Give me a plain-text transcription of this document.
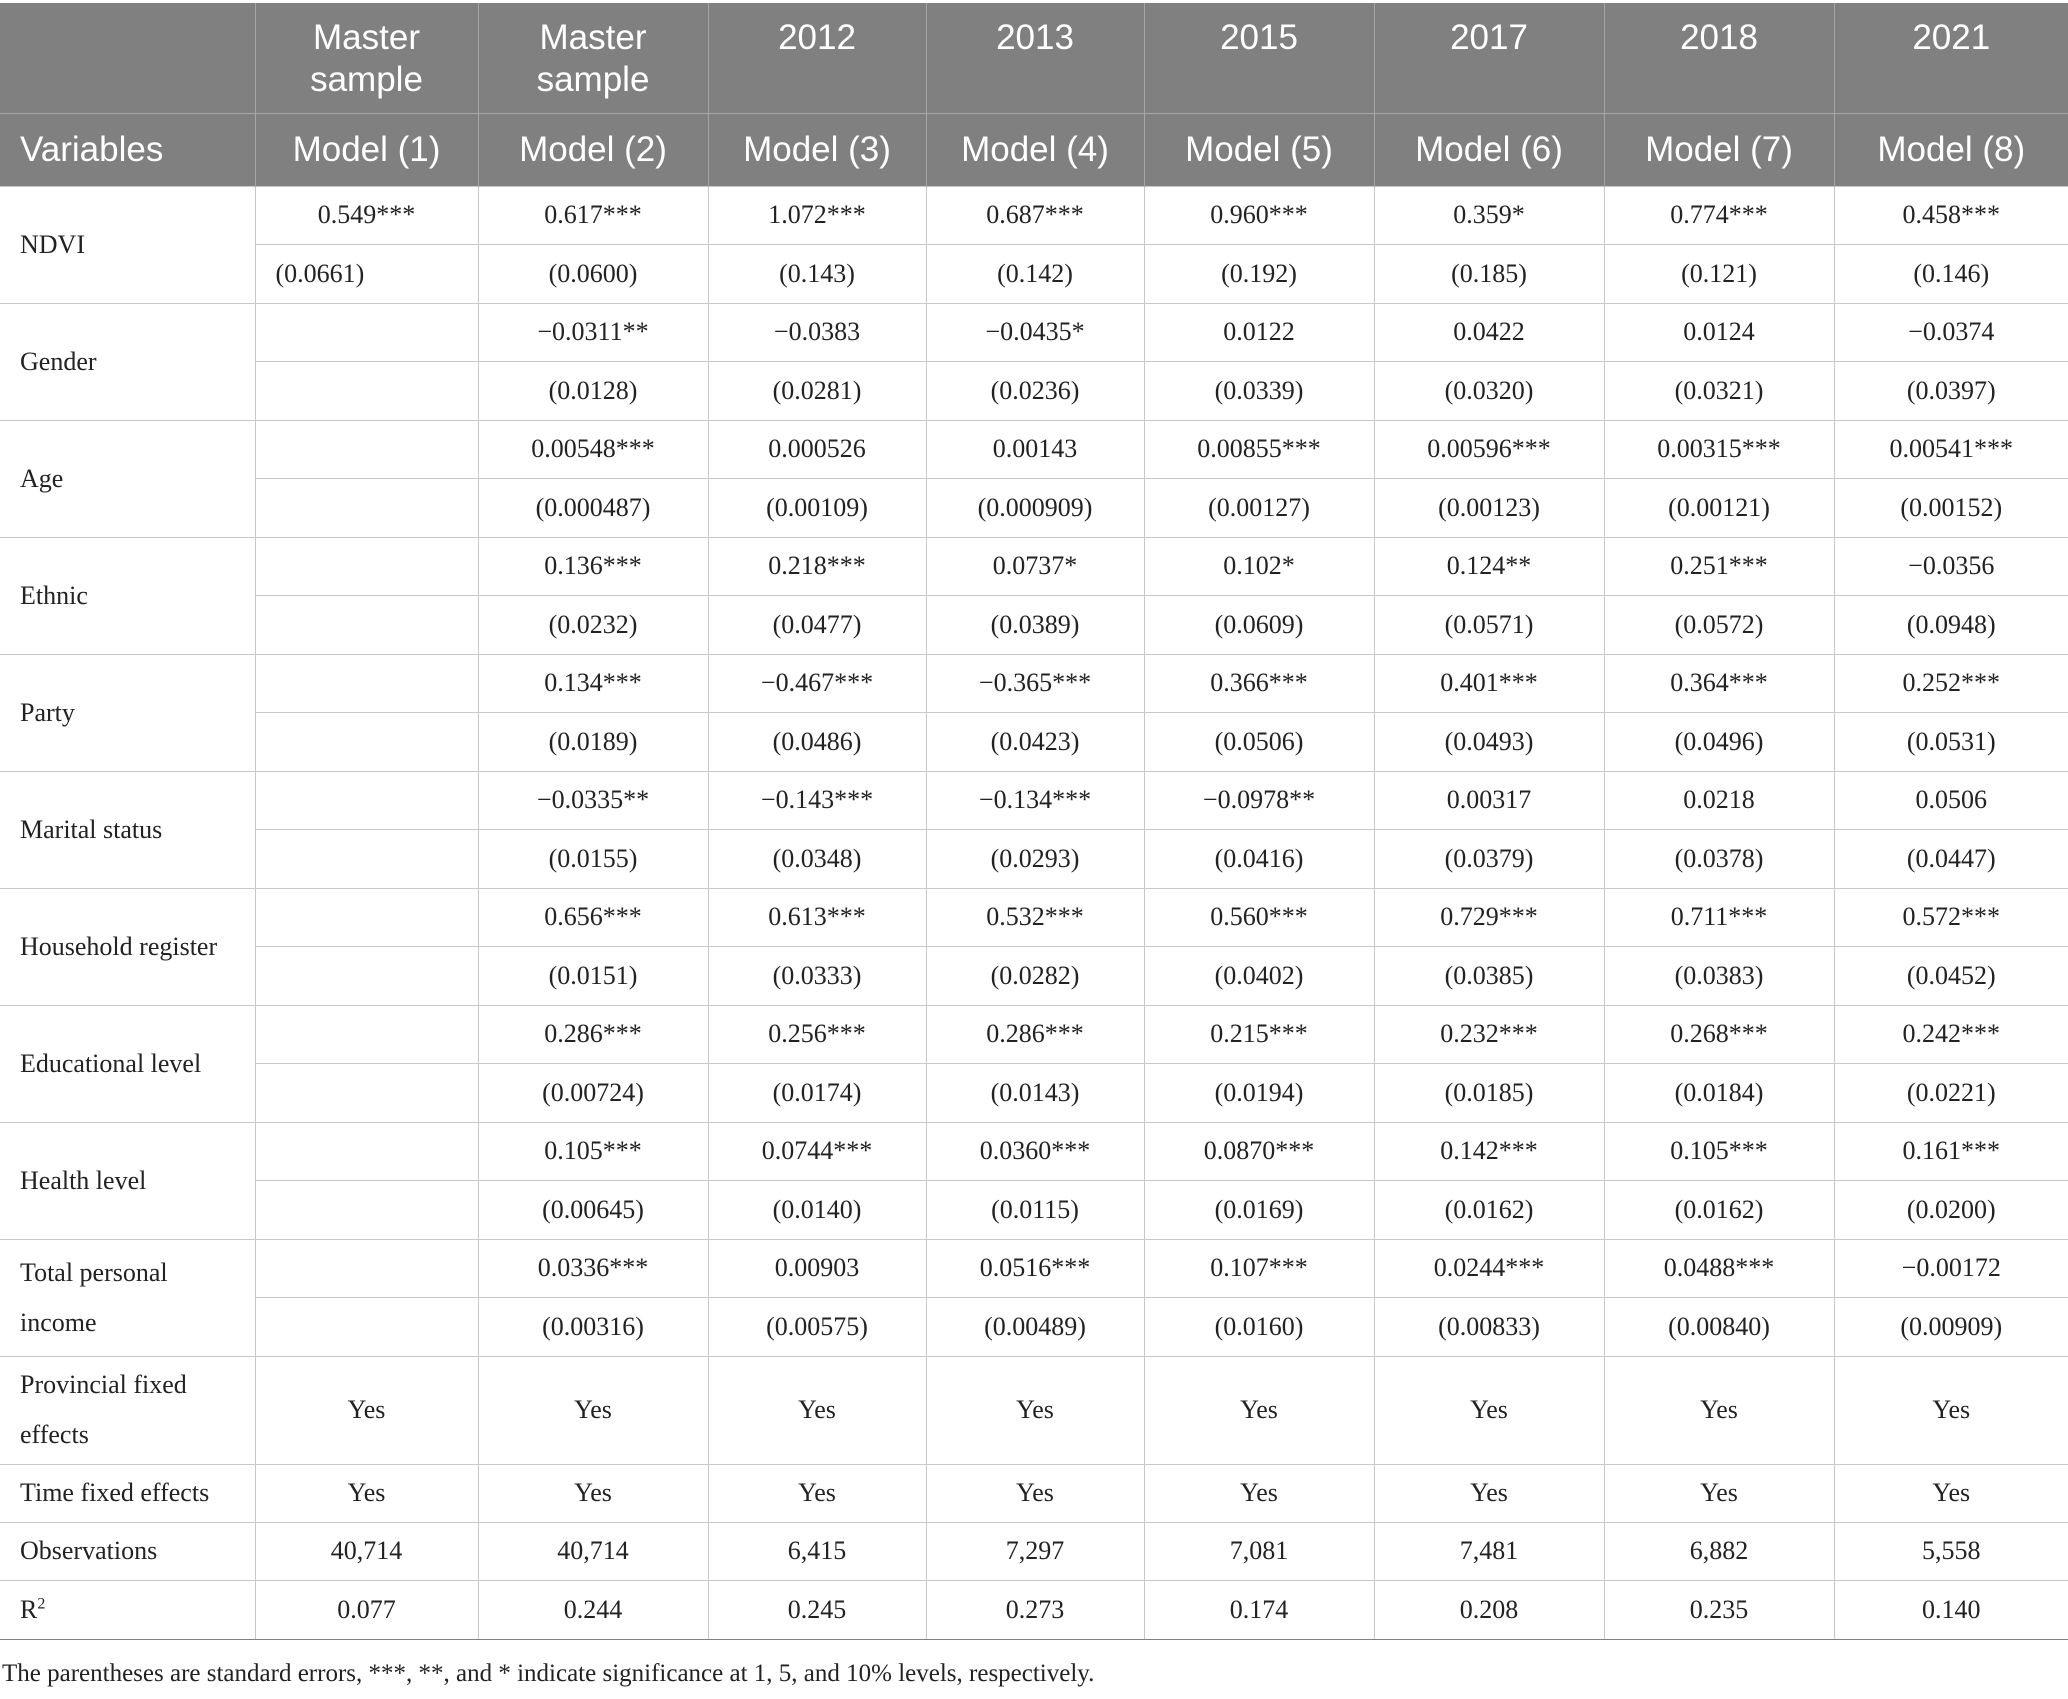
	Master sample	Master sample	2012	2013	2015	2017	2018	2021
Variables	Model (1)	Model (2)	Model (3)	Model (4)	Model (5)	Model (6)	Model (7)	Model (8)
NDVI	0.549***	0.617***	1.072***	0.687***	0.960***	0.359*	0.774***	0.458***
	(0.0661)	(0.0600)	(0.143)	(0.142)	(0.192)	(0.185)	(0.121)	(0.146)
Gender		−0.0311**	−0.0383	−0.0435*	0.0122	0.0422	0.0124	−0.0374
		(0.0128)	(0.0281)	(0.0236)	(0.0339)	(0.0320)	(0.0321)	(0.0397)
Age		0.00548***	0.000526	0.00143	0.00855***	0.00596***	0.00315***	0.00541***
		(0.000487)	(0.00109)	(0.000909)	(0.00127)	(0.00123)	(0.00121)	(0.00152)
Ethnic		0.136***	0.218***	0.0737*	0.102*	0.124**	0.251***	−0.0356
		(0.0232)	(0.0477)	(0.0389)	(0.0609)	(0.0571)	(0.0572)	(0.0948)
Party		0.134***	−0.467***	−0.365***	0.366***	0.401***	0.364***	0.252***
		(0.0189)	(0.0486)	(0.0423)	(0.0506)	(0.0493)	(0.0496)	(0.0531)
Marital status		−0.0335**	−0.143***	−0.134***	−0.0978**	0.00317	0.0218	0.0506
		(0.0155)	(0.0348)	(0.0293)	(0.0416)	(0.0379)	(0.0378)	(0.0447)
Household register		0.656***	0.613***	0.532***	0.560***	0.729***	0.711***	0.572***
		(0.0151)	(0.0333)	(0.0282)	(0.0402)	(0.0385)	(0.0383)	(0.0452)
Educational level		0.286***	0.256***	0.286***	0.215***	0.232***	0.268***	0.242***
		(0.00724)	(0.0174)	(0.0143)	(0.0194)	(0.0185)	(0.0184)	(0.0221)
Health level		0.105***	0.0744***	0.0360***	0.0870***	0.142***	0.105***	0.161***
		(0.00645)	(0.0140)	(0.0115)	(0.0169)	(0.0162)	(0.0162)	(0.0200)
Total personal income		0.0336***	0.00903	0.0516***	0.107***	0.0244***	0.0488***	−0.00172
		(0.00316)	(0.00575)	(0.00489)	(0.0160)	(0.00833)	(0.00840)	(0.00909)
Provincial fixed effects	Yes	Yes	Yes	Yes	Yes	Yes	Yes	Yes
Time fixed effects	Yes	Yes	Yes	Yes	Yes	Yes	Yes	Yes
Observations	40,714	40,714	6,415	7,297	7,081	7,481	6,882	5,558
$R^2$	0.077	0.244	0.245	0.273	0.174	0.208	0.235	0.140
The parentheses are standard errors, ***, **, and * indicate significance at 1, 5, and 10% levels, respectively.
